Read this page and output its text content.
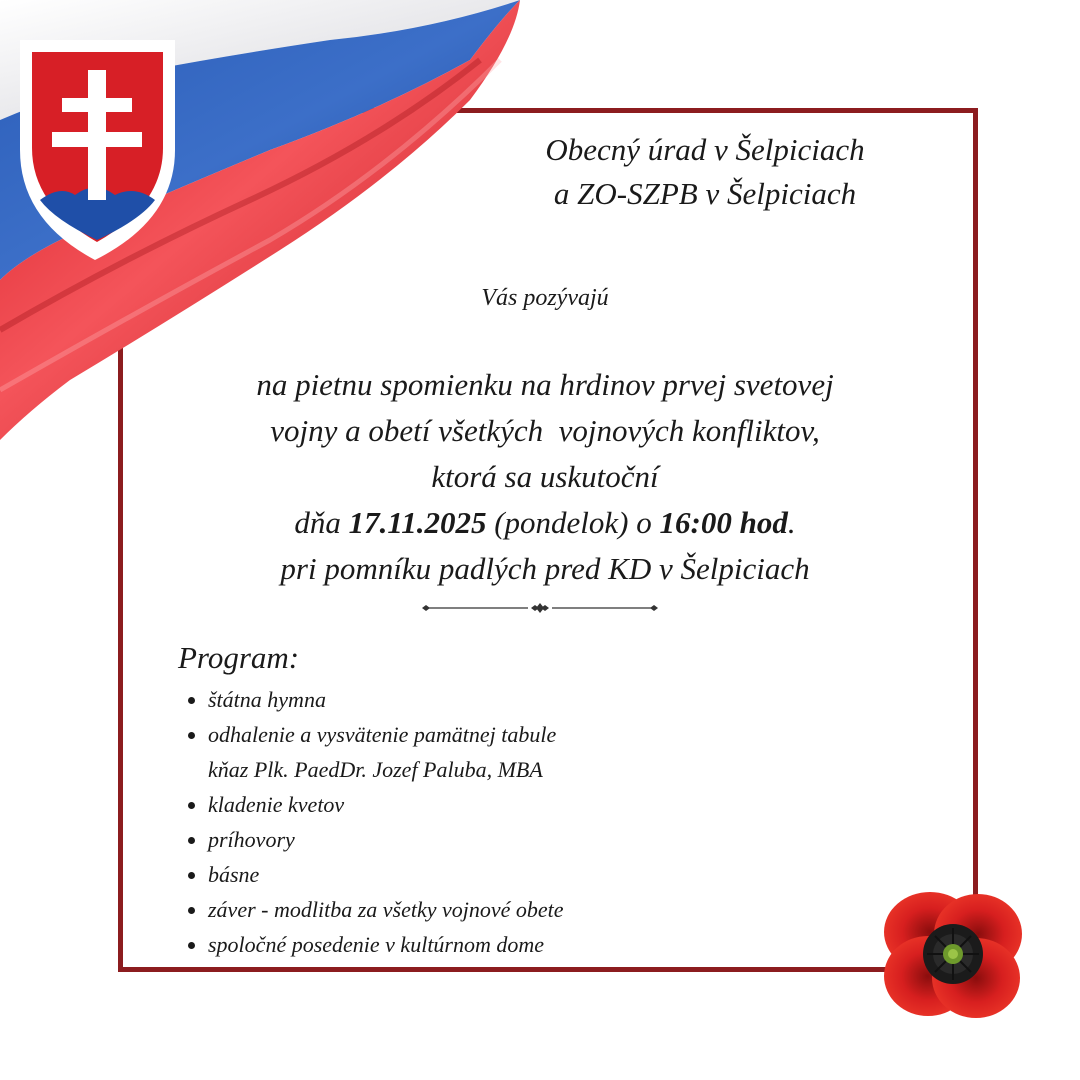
Obecný úrad v Šelpiciach
a ZO-SZPB v Šelpiciach
Vás pozývajú
na pietnu spomienku na hrdinov prvej svetovej
vojny a obetí všetkých  vojnových konfliktov,
ktorá sa uskutoční
dňa 17.11.2025 (pondelok) o 16:00 hod.
pri pomníku padlých pred KD v Šelpiciach
Program:
štátna hymna
odhalenie a vysvätenie pamätnej tabule
kňaz Plk. PaedDr. Jozef Paluba, MBA
kladenie kvetov
príhovory
básne
záver - modlitba za všetky vojnové obete
spoločné posedenie v kultúrnom dome
